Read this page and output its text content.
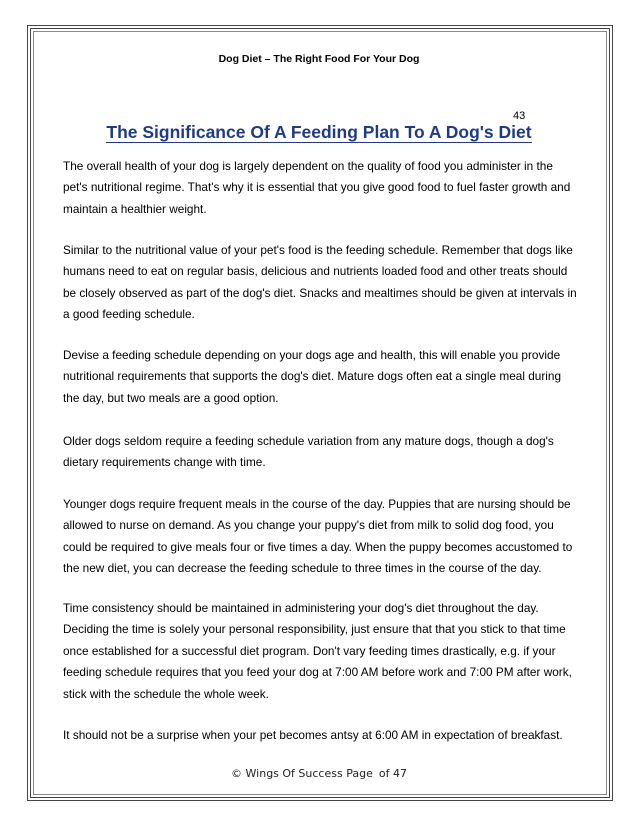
Dog Diet – The Right Food For Your Dog
43
The Significance Of A Feeding Plan To A Dog's Diet

The overall health of your dog is largely dependent on the quality of food you administer in the pet's nutritional regime. That's why it is essential that you give good food to fuel faster growth and maintain a healthier weight.

Similar to the nutritional value of your pet's food is the feeding schedule. Remember that dogs like humans need to eat on regular basis, delicious and nutrients loaded food and other treats should be closely observed as part of the dog's diet. Snacks and mealtimes should be given at intervals in a good feeding schedule.

Devise a feeding schedule depending on your dogs age and health, this will enable you provide nutritional requirements that supports the dog's diet. Mature dogs often eat a single meal during the day, but two meals are a good option.

Older dogs seldom require a feeding schedule variation from any mature dogs, though a dog's dietary requirements change with time.

Younger dogs require frequent meals in the course of the day. Puppies that are nursing should be allowed to nurse on demand. As you change your puppy's diet from milk to solid dog food, you could be required to give meals four or five times a day. When the puppy becomes accustomed to the new diet, you can decrease the feeding schedule to three times in the course of the day.

Time consistency should be maintained in administering your dog's diet throughout the day. Deciding the time is solely your personal responsibility, just ensure that that you stick to that time once established for a successful diet program. Don't vary feeding times drastically, e.g. if your feeding schedule requires that you feed your dog at 7:00 AM before work and 7:00 PM after work, stick with the schedule the whole week.

It should not be a surprise when your pet becomes antsy at 6:00 AM in expectation of breakfast.

© Wings Of Success Page of 47
